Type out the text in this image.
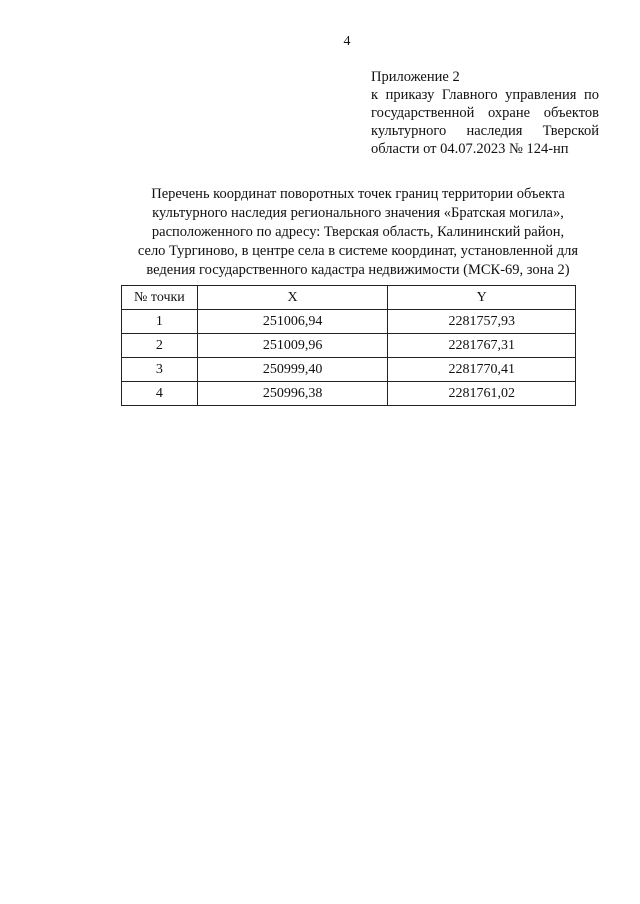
4
Приложение 2
к приказу Главного управления по государственной охране объектов культурного наследия Тверской области от 04.07.2023 № 124-нп
Перечень координат поворотных точек границ территории объекта
культурного наследия регионального значения «Братская могила»,
расположенного по адресу: Тверская область, Калининский район,
село Тургиново, в центре села в системе координат, установленной для
ведения государственного кадастра недвижимости (МСК-69, зона 2)
№ точки	X	Y
1	251006,94	2281757,93
2	251009,96	2281767,31
3	250999,40	2281770,41
4	250996,38	2281761,02
